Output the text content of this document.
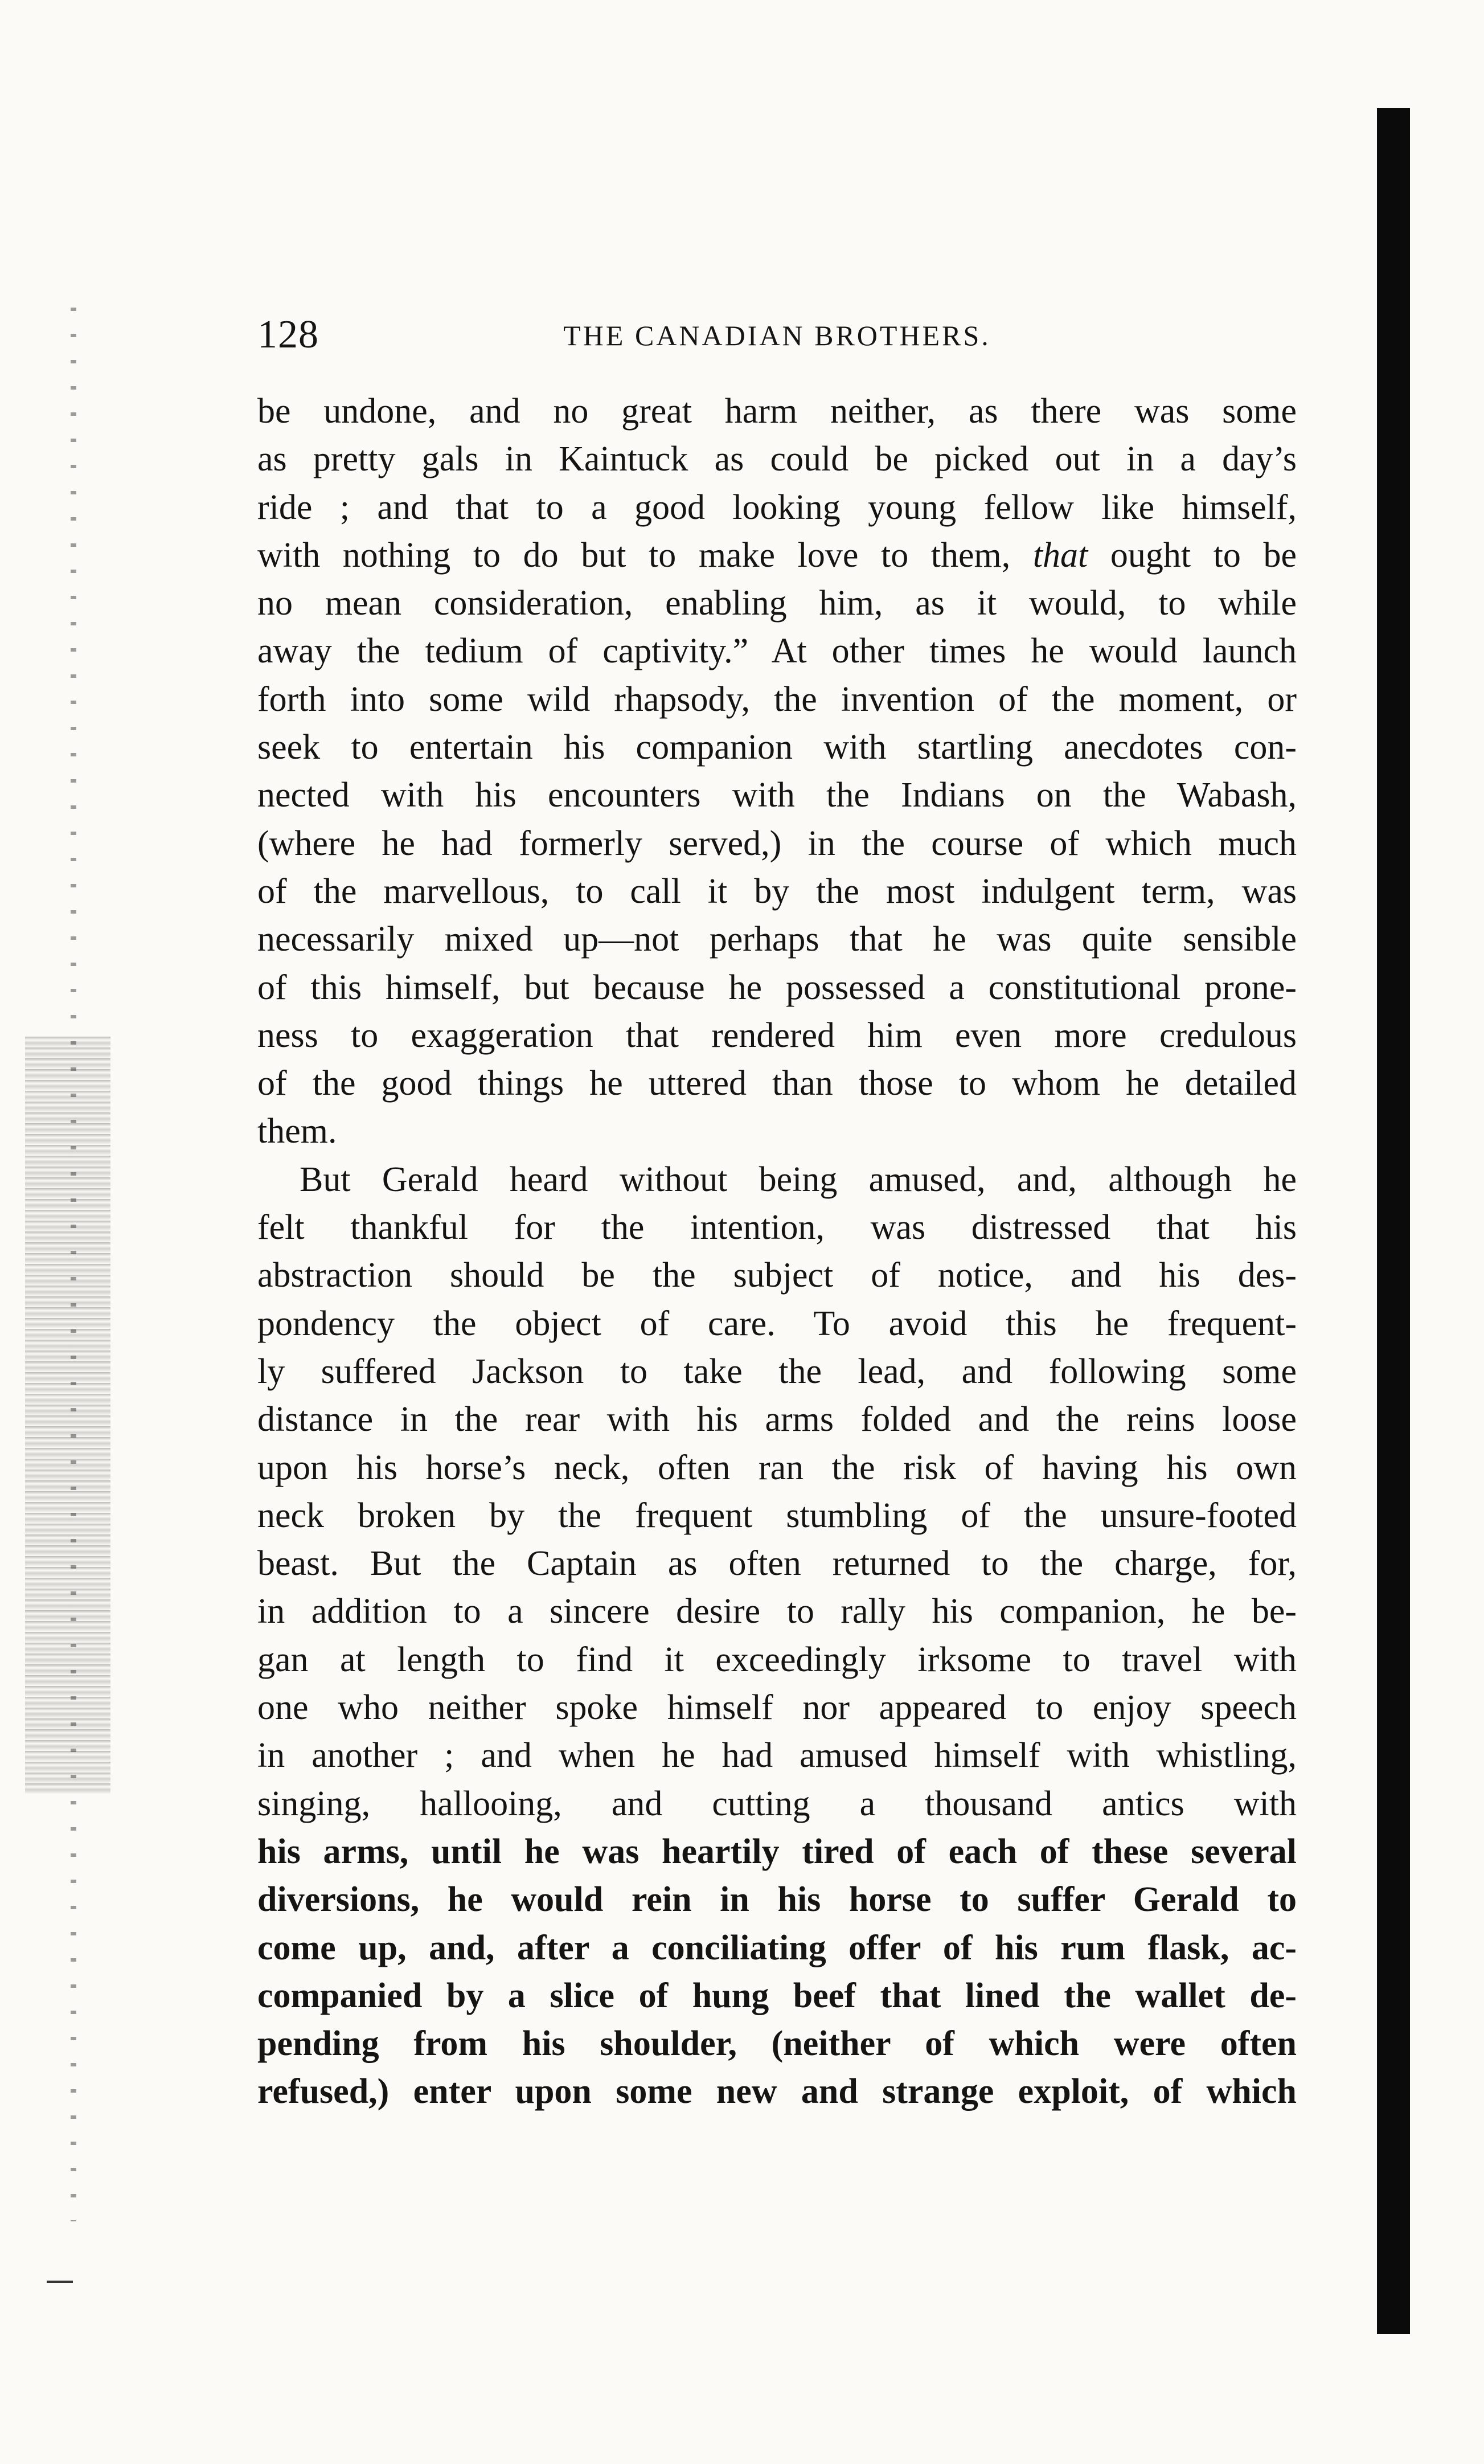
128	THE CANADIAN BROTHERS.
be undone, and no great harm neither, as there was some
as pretty gals in Kaintuck as could be picked out in a day’s
ride ; and that to a good looking young fellow like himself,
with nothing to do but to make love to them, that ought to be
no mean consideration, enabling him, as it would, to while
away the tedium of captivity.” At other times he would launch
forth into some wild rhapsody, the invention of the moment, or
seek to entertain his companion with startling anecdotes con-
nected with his encounters with the Indians on the Wabash,
(where he had formerly served,) in the course of which much
of the marvellous, to call it by the most indulgent term, was
necessarily mixed up—not perhaps that he was quite sensible
of this himself, but because he possessed a constitutional prone-
ness to exaggeration that rendered him even more credulous
of the good things he uttered than those to whom he detailed
them.
But Gerald heard without being amused, and, although he
felt thankful for the intention, was distressed that his
abstraction should be the subject of notice, and his des-
pondency the object of care. To avoid this he frequent-
ly suffered Jackson to take the lead, and following some
distance in the rear with his arms folded and the reins loose
upon his horse’s neck, often ran the risk of having his own
neck broken by the frequent stumbling of the unsure-footed
beast. But the Captain as often returned to the charge, for,
in addition to a sincere desire to rally his companion, he be-
gan at length to find it exceedingly irksome to travel with
one who neither spoke himself nor appeared to enjoy speech
in another ; and when he had amused himself with whistling,
singing, hallooing, and cutting a thousand antics with
his arms, until he was heartily tired of each of these several
diversions, he would rein in his horse to suffer Gerald to
come up, and, after a conciliating offer of his rum flask, ac-
companied by a slice of hung beef that lined the wallet de-
pending from his shoulder, (neither of which were often
refused,) enter upon some new and strange exploit, of which
